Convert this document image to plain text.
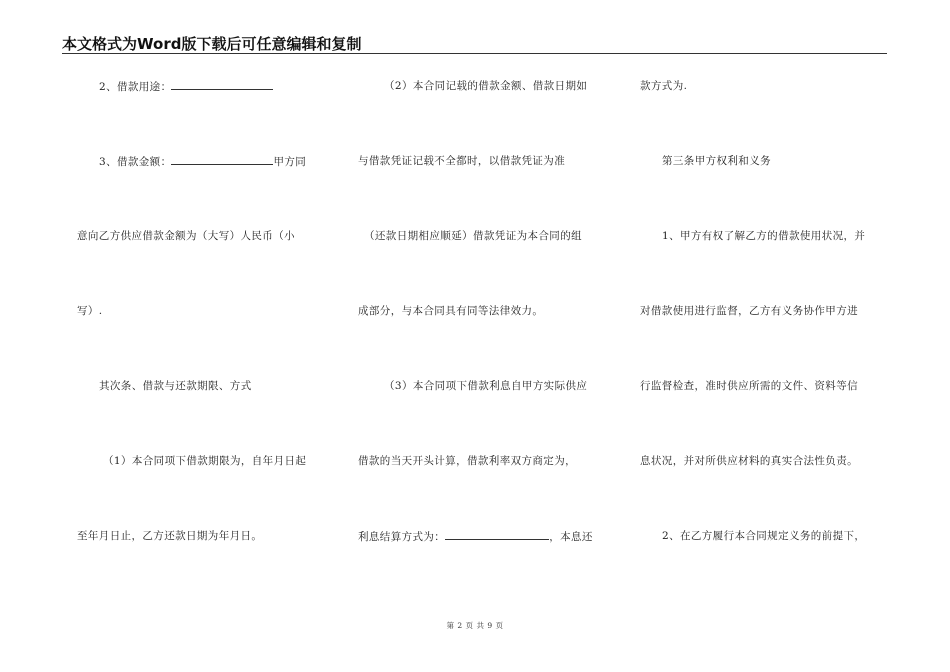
本文格式为Word版下载后可任意编辑和复制
2、借款用途：
3、借款金额：	甲方同
意向乙方供应借款金额为（大写）人民币（小
写）.
其次条、借款与还款期限、方式
（1）本合同项下借款期限为，自年月日起
至年月日止，乙方还款日期为年月日。
（2）本合同记载的借款金额、借款日期如
与借款凭证记载不全都时，以借款凭证为准
（还款日期相应顺延）借款凭证为本合同的组
成部分，与本合同具有同等法律效力。
（3）本合同项下借款利息自甲方实际供应
借款的当天开头计算，借款利率双方商定为，
利息结算方式为：	，本息还
款方式为.
第三条甲方权利和义务
1、甲方有权了解乙方的借款使用状况，并
对借款使用进行监督，乙方有义务协作甲方进
行监督检查，准时供应所需的文件、资料等信
息状况，并对所供应材料的真实合法性负责。
2、在乙方履行本合同规定义务的前提下，
第 2 页 共 9 页
